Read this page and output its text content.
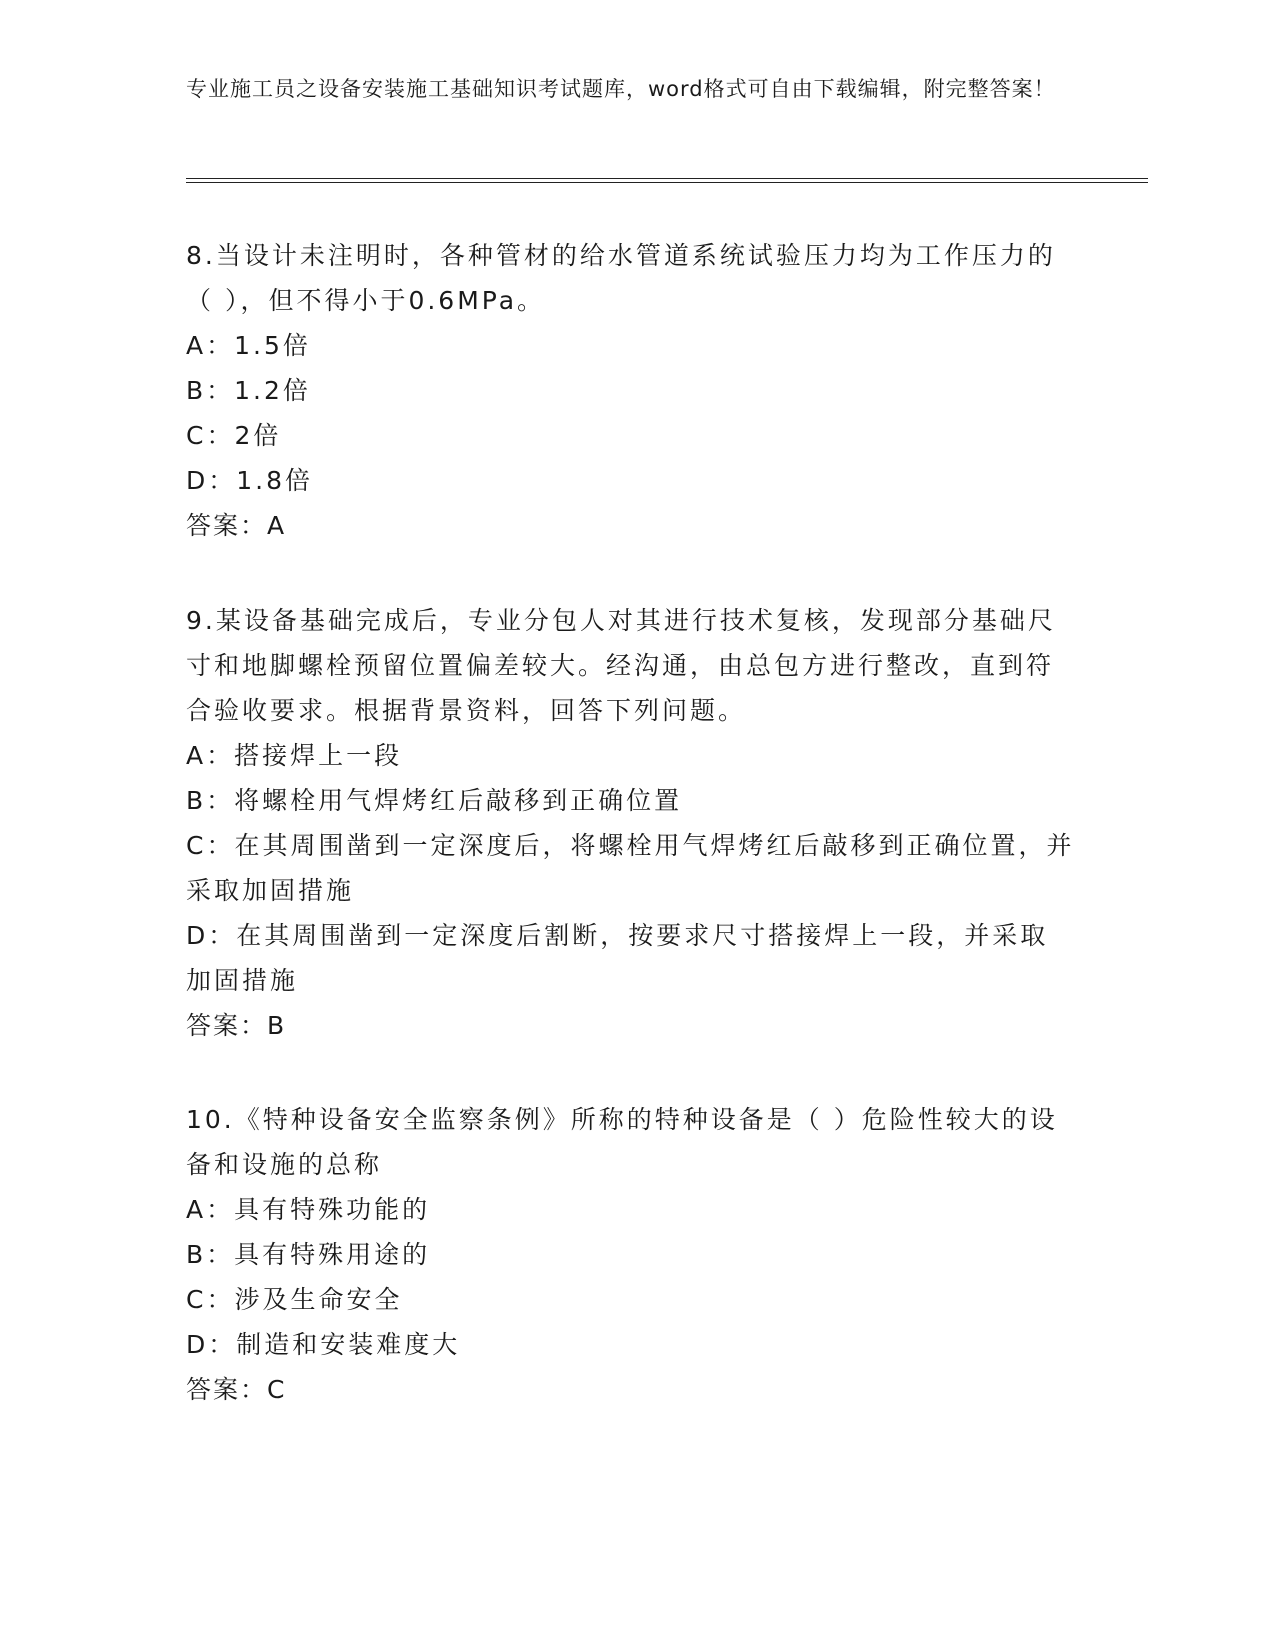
专业施工员之设备安装施工基础知识考试题库，word格式可自由下载编辑，附完整答案！
8.当设计未注明时，各种管材的给水管道系统试验压力均为工作压力的（ ），但不得小于0.6MPa。
A：1.5倍
B：1.2倍
C：2倍
D：1.8倍
答案：A
9.某设备基础完成后，专业分包人对其进行技术复核，发现部分基础尺寸和地脚螺栓预留位置偏差较大。经沟通，由总包方进行整改，直到符合验收要求。根据背景资料，回答下列问题。
A：搭接焊上一段
B：将螺栓用气焊烤红后敲移到正确位置
C：在其周围凿到一定深度后，将螺栓用气焊烤红后敲移到正确位置，并采取加固措施
D：在其周围凿到一定深度后割断，按要求尺寸搭接焊上一段，并采取加固措施
答案：B
10.《特种设备安全监察条例》所称的特种设备是（ ）危险性较大的设备和设施的总称
A：具有特殊功能的
B：具有特殊用途的
C：涉及生命安全
D：制造和安装难度大
答案：C
